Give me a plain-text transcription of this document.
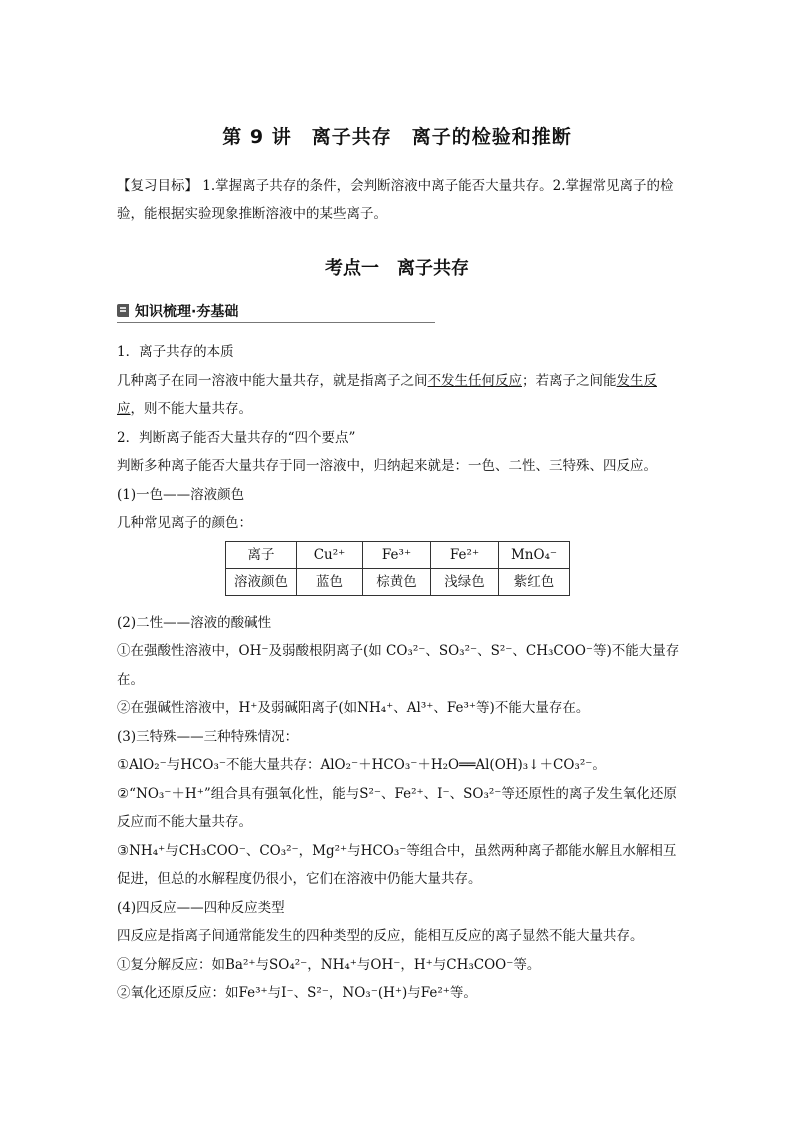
第 9 讲　离子共存　离子的检验和推断
【复习目标】 1.掌握离子共存的条件，会判断溶液中离子能否大量共存。2.掌握常见离子的检验，能根据实验现象推断溶液中的某些离子。
考点一　离子共存
知识梳理·夯基础

1．离子共存的本质

几种离子在同一溶液中能大量共存，就是指离子之间不发生任何反应；若离子之间能发生反应，则不能大量共存。

2．判断离子能否大量共存的“四个要点”

判断多种离子能否大量共存于同一溶液中，归纳起来就是：一色、二性、三特殊、四反应。

(1)一色——溶液颜色

几种常见离子的颜色：

离子	Cu²⁺	Fe³⁺	Fe²⁺	MnO₄⁻
溶液颜色	蓝色	棕黄色	浅绿色	紫红色

(2)二性——溶液的酸碱性

①在强酸性溶液中，OH⁻及弱酸根阴离子(如 CO₃²⁻、SO₃²⁻、S²⁻、CH₃COO⁻等)不能大量存在。

②在强碱性溶液中，H⁺及弱碱阳离子(如NH₄⁺、Al³⁺、Fe³⁺等)不能大量存在。

(3)三特殊——三种特殊情况：

①AlO₂⁻与HCO₃⁻不能大量共存：AlO₂⁻＋HCO₃⁻＋H₂O══Al(OH)₃↓＋CO₃²⁻。

②“NO₃⁻＋H⁺”组合具有强氧化性，能与S²⁻、Fe²⁺、I⁻、SO₃²⁻等还原性的离子发生氧化还原反应而不能大量共存。

③NH₄⁺与CH₃COO⁻、CO₃²⁻，Mg²⁺与HCO₃⁻等组合中，虽然两种离子都能水解且水解相互促进，但总的水解程度仍很小，它们在溶液中仍能大量共存。

(4)四反应——四种反应类型

四反应是指离子间通常能发生的四种类型的反应，能相互反应的离子显然不能大量共存。

①复分解反应：如Ba²⁺与SO₄²⁻，NH₄⁺与OH⁻，H⁺与CH₃COO⁻等。

②氧化还原反应：如Fe³⁺与I⁻、S²⁻，NO₃⁻(H⁺)与Fe²⁺等。
